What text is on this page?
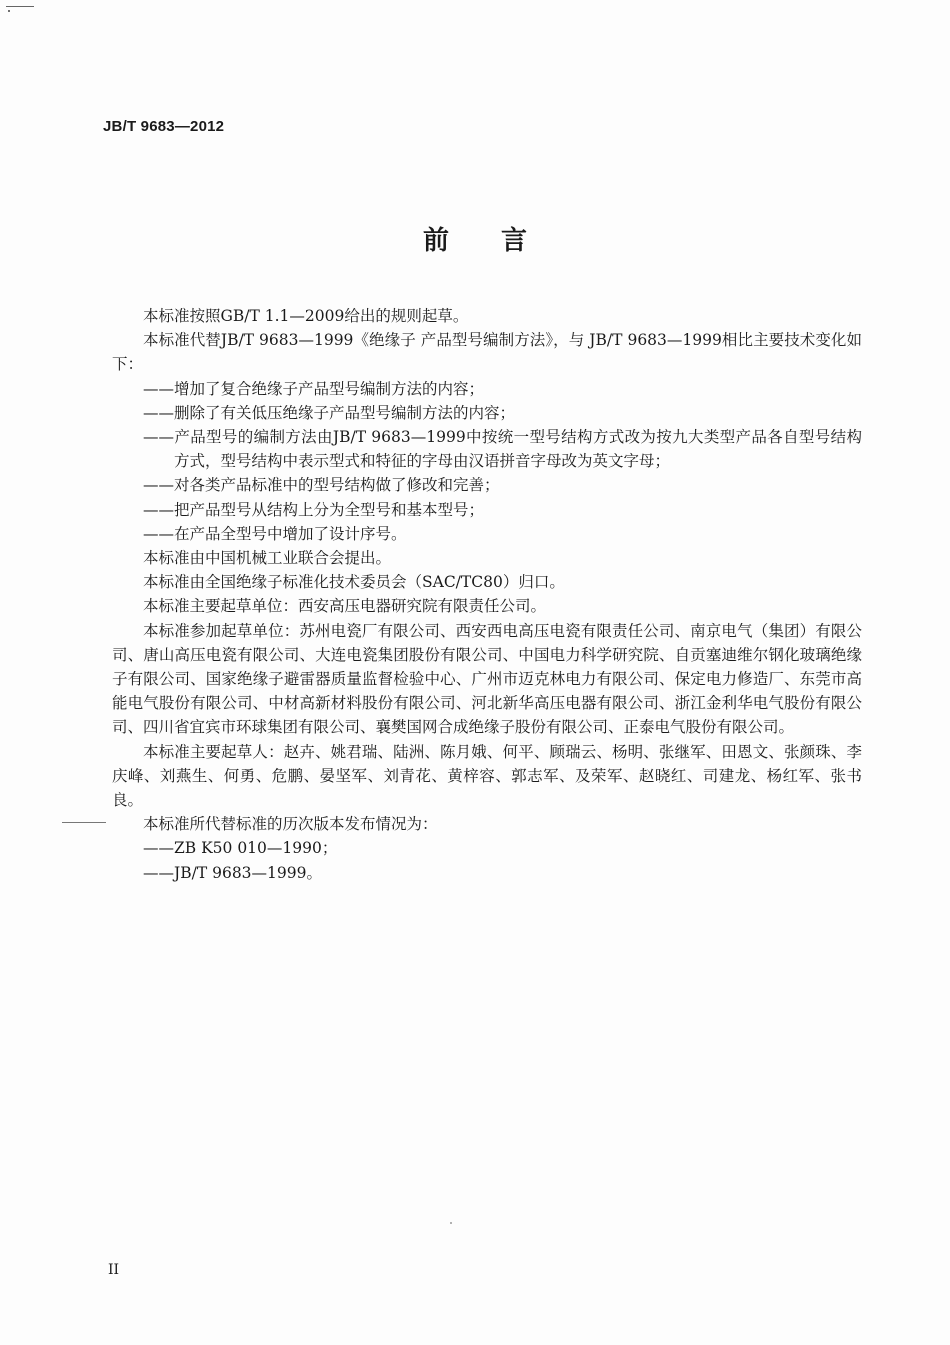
JB/T 9683—2012
前言

本标准按照GB/T 1.1—2009给出的规则起草。

本标准代替JB/T 9683—1999《绝缘子 产品型号编制方法》，与 JB/T 9683—1999相比主要技术变化如下：

——增加了复合绝缘子产品型号编制方法的内容；

——删除了有关低压绝缘子产品型号编制方法的内容；

——产品型号的编制方法由JB/T 9683—1999中按统一型号结构方式改为按九大类型产品各自型号结构方式，型号结构中表示型式和特征的字母由汉语拼音字母改为英文字母；

——对各类产品标准中的型号结构做了修改和完善；

——把产品型号从结构上分为全型号和基本型号；

——在产品全型号中增加了设计序号。

本标准由中国机械工业联合会提出。

本标准由全国绝缘子标准化技术委员会（SAC/TC80）归口。

本标准主要起草单位：西安高压电器研究院有限责任公司。

本标准参加起草单位：苏州电瓷厂有限公司、西安西电高压电瓷有限责任公司、南京电气（集团）有限公司、唐山高压电瓷有限公司、大连电瓷集团股份有限公司、中国电力科学研究院、自贡塞迪维尔钢化玻璃绝缘子有限公司、国家绝缘子避雷器质量监督检验中心、广州市迈克林电力有限公司、保定电力修造厂、东莞市高能电气股份有限公司、中材高新材料股份有限公司、河北新华高压电器有限公司、浙江金利华电气股份有限公司、四川省宜宾市环球集团有限公司、襄樊国网合成绝缘子股份有限公司、正泰电气股份有限公司。

本标准主要起草人：赵卉、姚君瑞、陆洲、陈月娥、何平、顾瑞云、杨明、张继军、田恩文、张颜珠、李庆峰、刘燕生、何勇、危鹏、晏坚军、刘青花、黄梓容、郭志军、及荣军、赵晓红、司建龙、杨红军、张书良。

本标准所代替标准的历次版本发布情况为：

——ZB K50 010—1990；

——JB/T 9683—1999。

II
